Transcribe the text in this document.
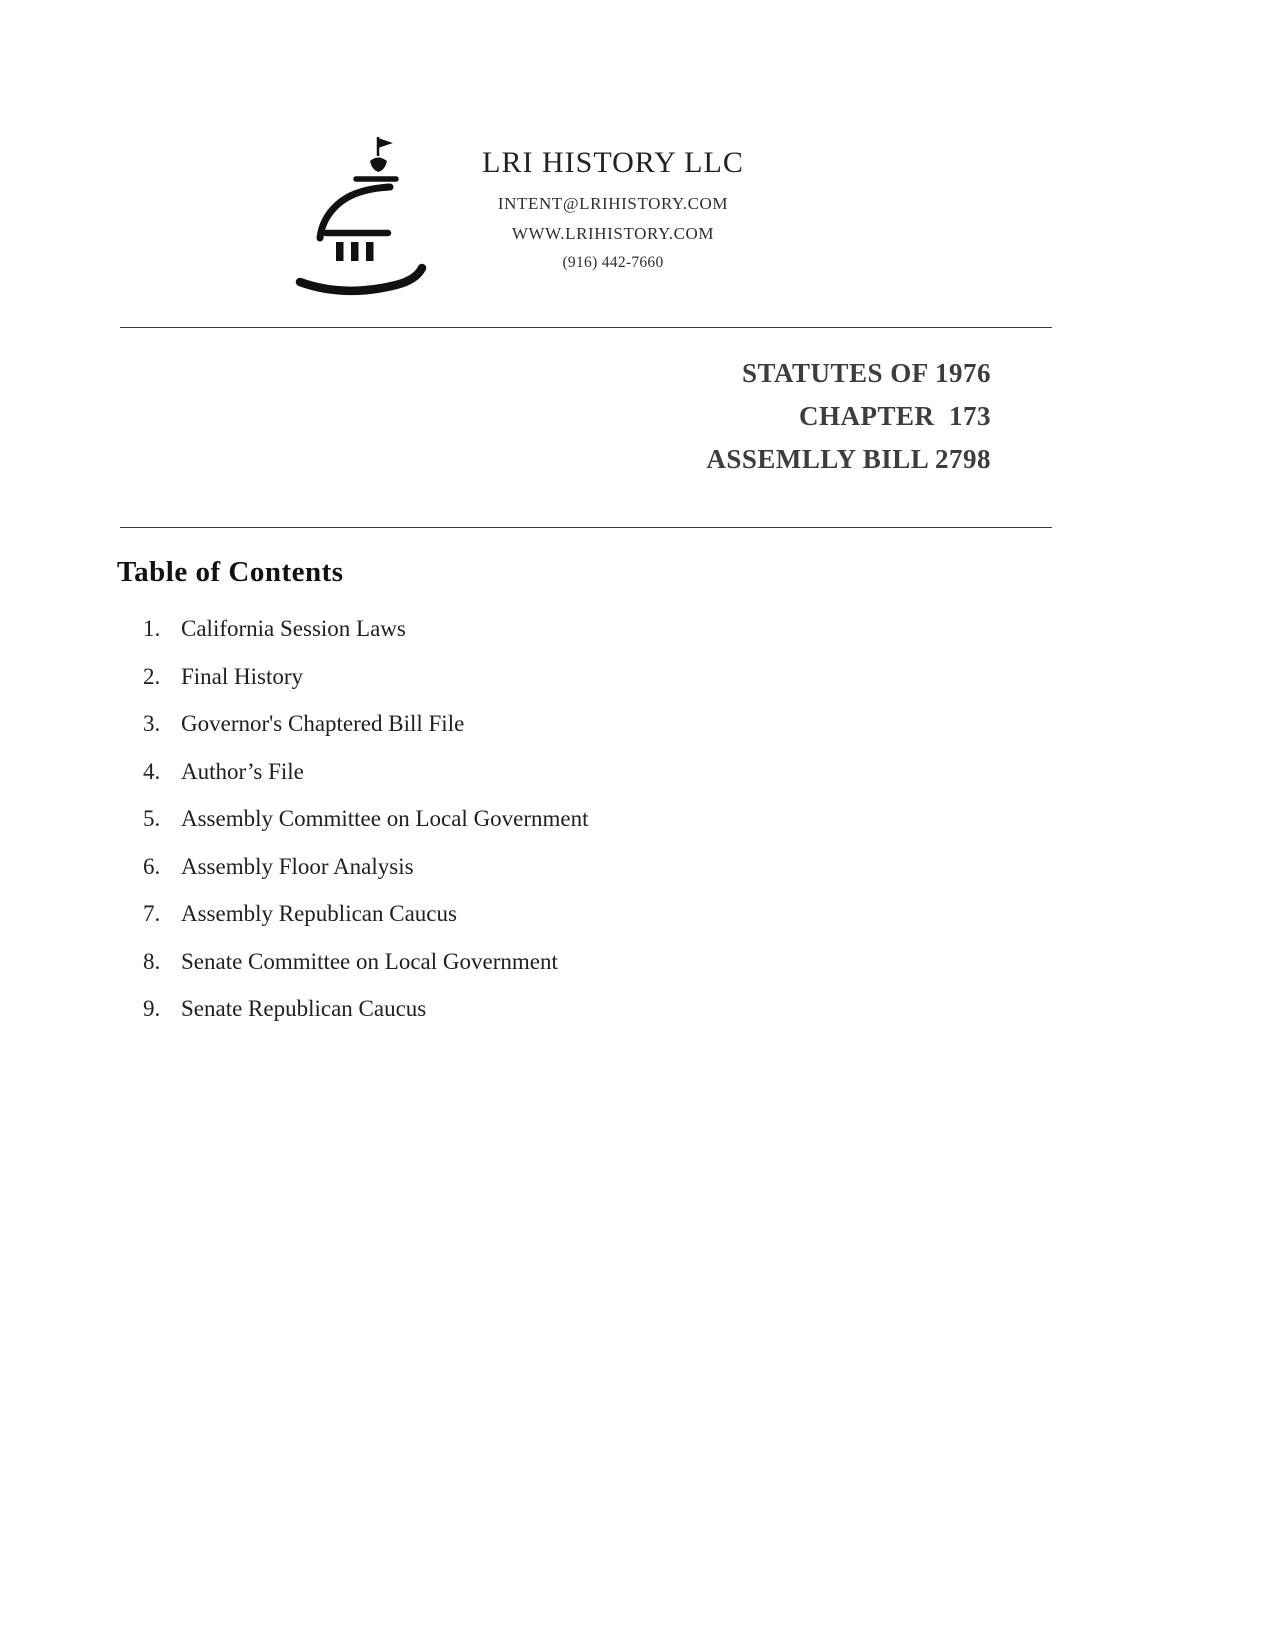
LRI HISTORY LLC
INTENT@LRIHISTORY.COM
WWW.LRIHISTORY.COM
(916) 442-7660
STATUTES OF 1976
CHAPTER  173
ASSEMLLY BILL 2798
Table of Contents
1. California Session Laws
2. Final History
3. Governor's Chaptered Bill File
4. Author’s File
5. Assembly Committee on Local Government
6. Assembly Floor Analysis
7. Assembly Republican Caucus
8. Senate Committee on Local Government
9. Senate Republican Caucus
